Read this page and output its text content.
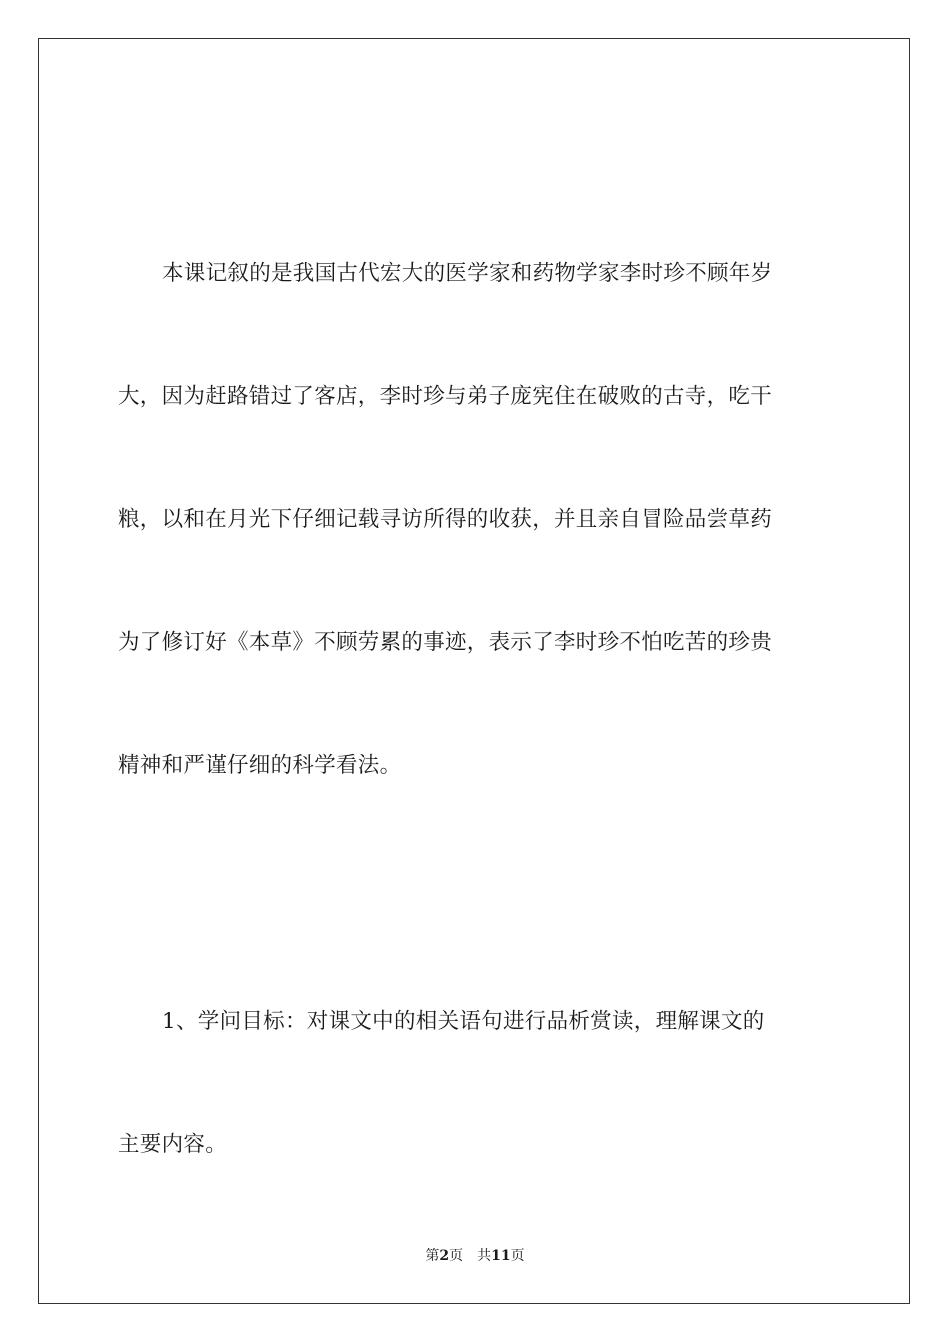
本课记叙的是我国古代宏大的医学家和药物学家李时珍不顾年岁
大，因为赶路错过了客店，李时珍与弟子庞宪住在破败的古寺，吃干
粮，以和在月光下仔细记载寻访所得的收获，并且亲自冒险品尝草药
为了修订好《本草》不顾劳累的事迹，表示了李时珍不怕吃苦的珍贵
精神和严谨仔细的科学看法。
1、学问目标：对课文中的相关语句进行品析赏读，理解课文的
主要内容。
第2页 共11页
